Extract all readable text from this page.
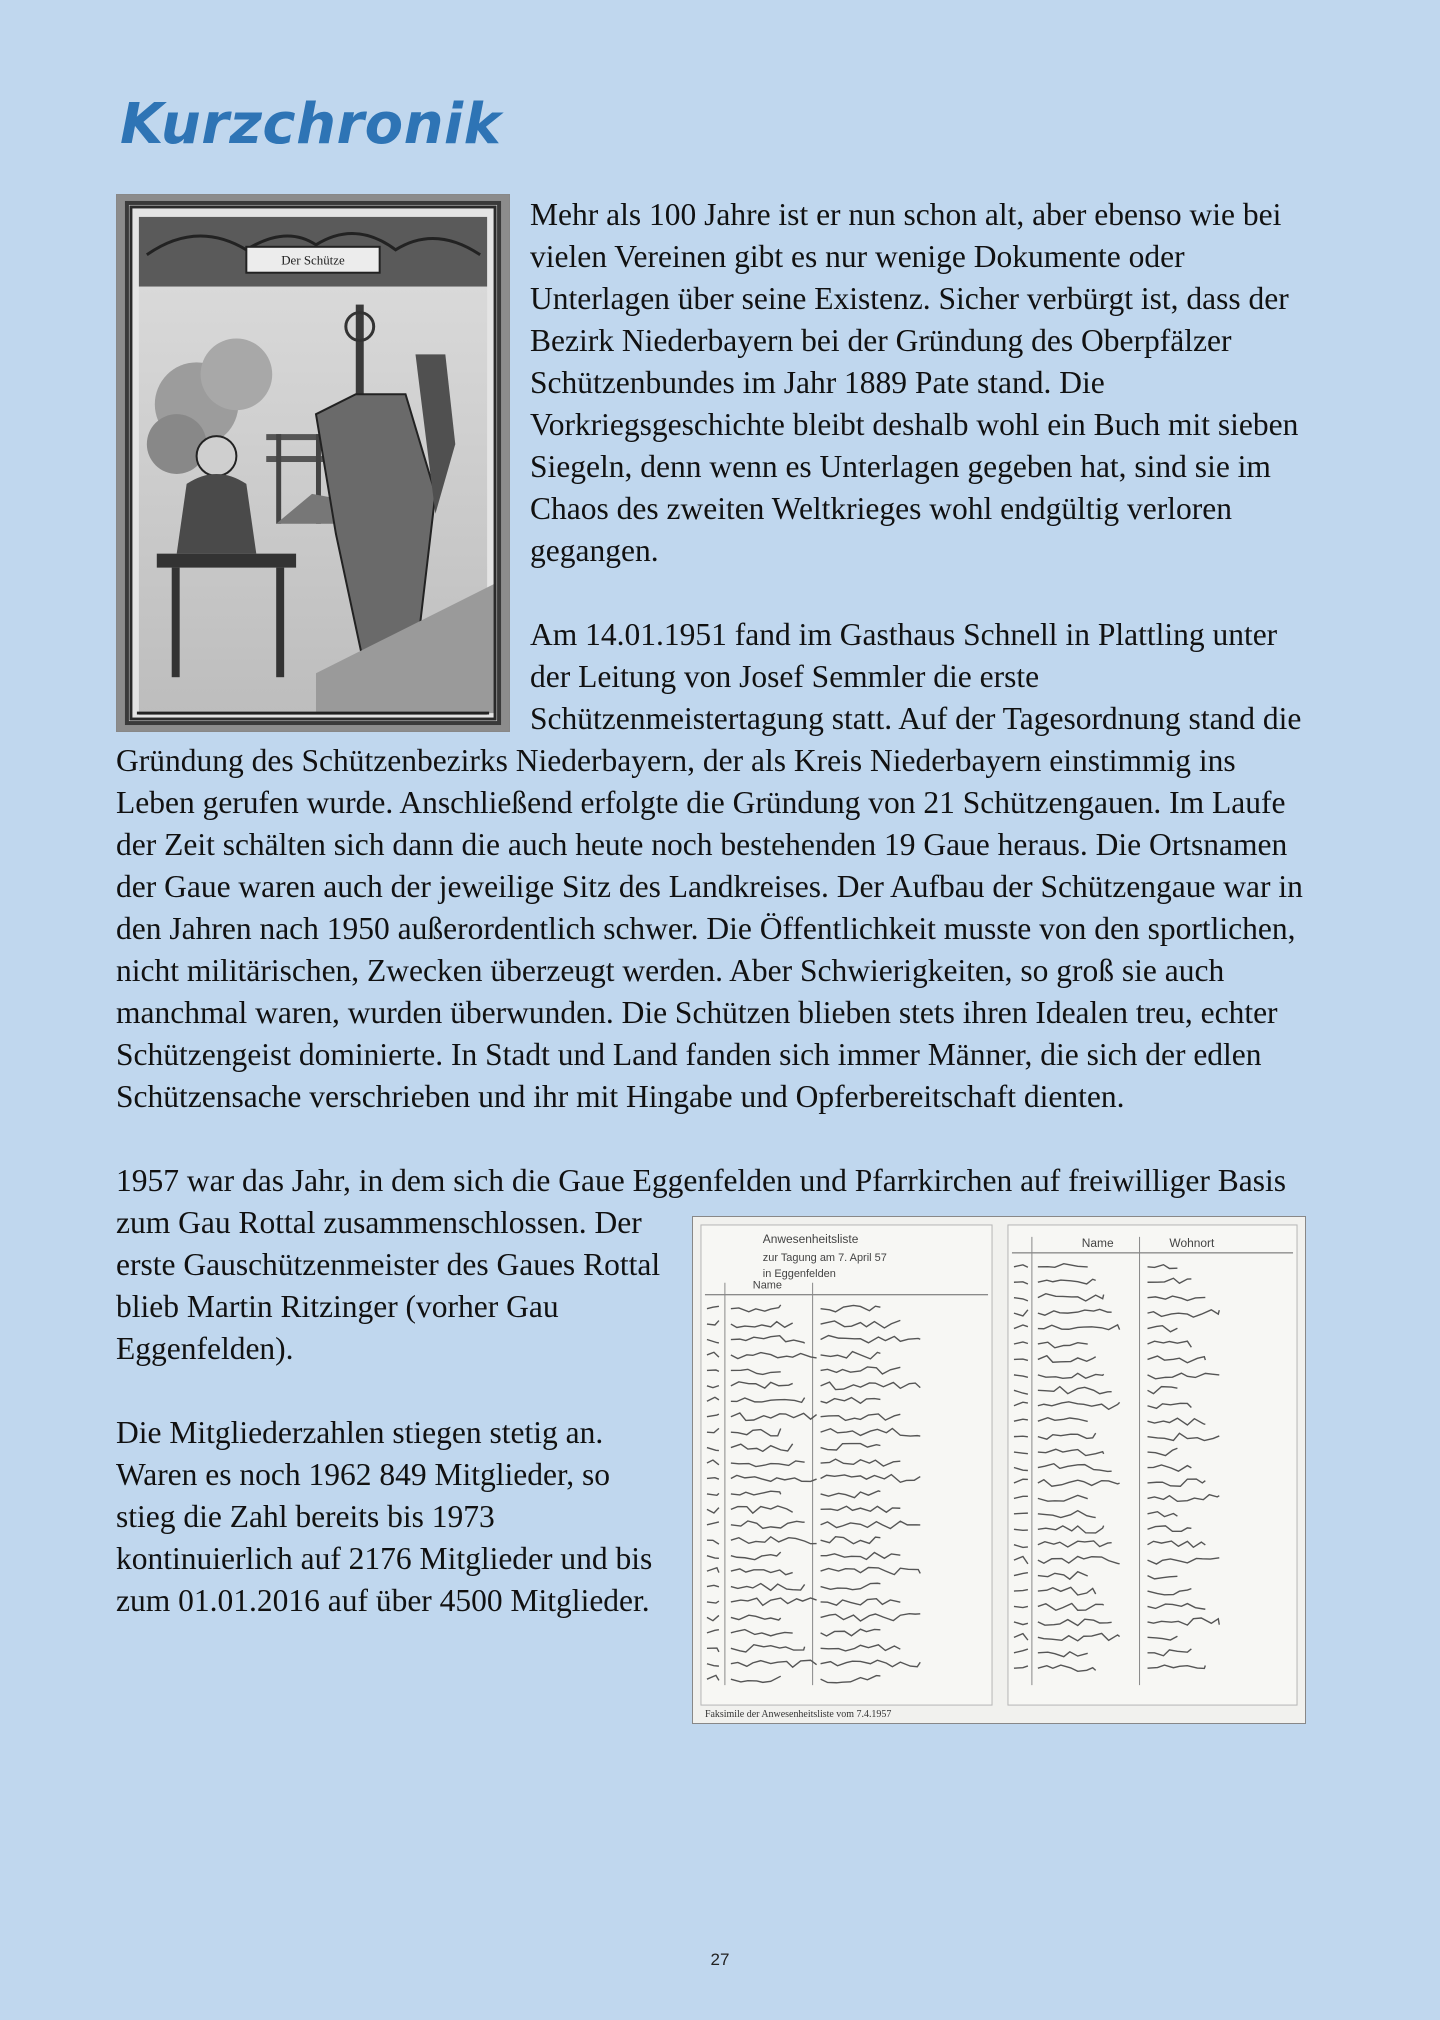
Kurzchronik
Der Schütze
Anwesenheitsliste
zur Tagung am 7. April 57
in Eggenfelden
Name
Name	Wohnort
Faksimile der Anwesenheitsliste vom 7.4.1957

Mehr als 100 Jahre ist er nun schon alt, aber ebenso wie bei vielen Vereinen gibt es nur wenige Dokumente oder Unterlagen über seine Existenz. Sicher verbürgt ist, dass der Bezirk Niederbayern bei der Gründung des Oberpfälzer Schützenbundes im Jahr 1889 Pate stand. Die Vorkriegsgeschichte bleibt deshalb wohl ein Buch mit sieben Siegeln, denn wenn es Unterlagen gegeben hat, sind sie im Chaos des zweiten Weltkrieges wohl endgültig verloren gegangen.

Am 14.01.1951 fand im Gasthaus Schnell in Plattling unter der Leitung von Josef Semmler die erste Schützenmeistertagung statt. Auf der Tagesordnung stand die Gründung des Schützenbezirks Niederbayern, der als Kreis Niederbayern einstimmig ins Leben gerufen wurde. Anschließend erfolgte die Gründung von 21 Schützengauen. Im Laufe der Zeit schälten sich dann die auch heute noch bestehenden 19 Gaue heraus. Die Ortsnamen der Gaue waren auch der jeweilige Sitz des Landkreises. Der Aufbau der Schützengaue war in den Jahren nach 1950 außerordentlich schwer. Die Öffentlichkeit musste von den sportlichen, nicht militärischen, Zwecken überzeugt werden. Aber Schwierigkeiten, so groß sie auch manchmal waren, wurden überwunden. Die Schützen blieben stets ihren Idealen treu, echter Schützengeist dominierte. In Stadt und Land fanden sich immer Männer, die sich der edlen Schützensache verschrieben und ihr mit Hingabe und Opferbereitschaft dienten.

1957 war das Jahr, in dem sich die Gaue Eggenfelden und Pfarrkirchen auf freiwilliger Basis zum Gau Rottal zusammenschlossen. Der erste Gauschützenmeister des Gaues Rottal blieb Martin Ritzinger (vorher Gau Eggenfelden).

Die Mitgliederzahlen stiegen stetig an. Waren es noch 1962 849 Mitglieder, so stieg die Zahl bereits bis 1973 kontinuierlich auf 2176 Mitglieder und bis zum 01.01.2016 auf über 4500 Mitglieder.

27
